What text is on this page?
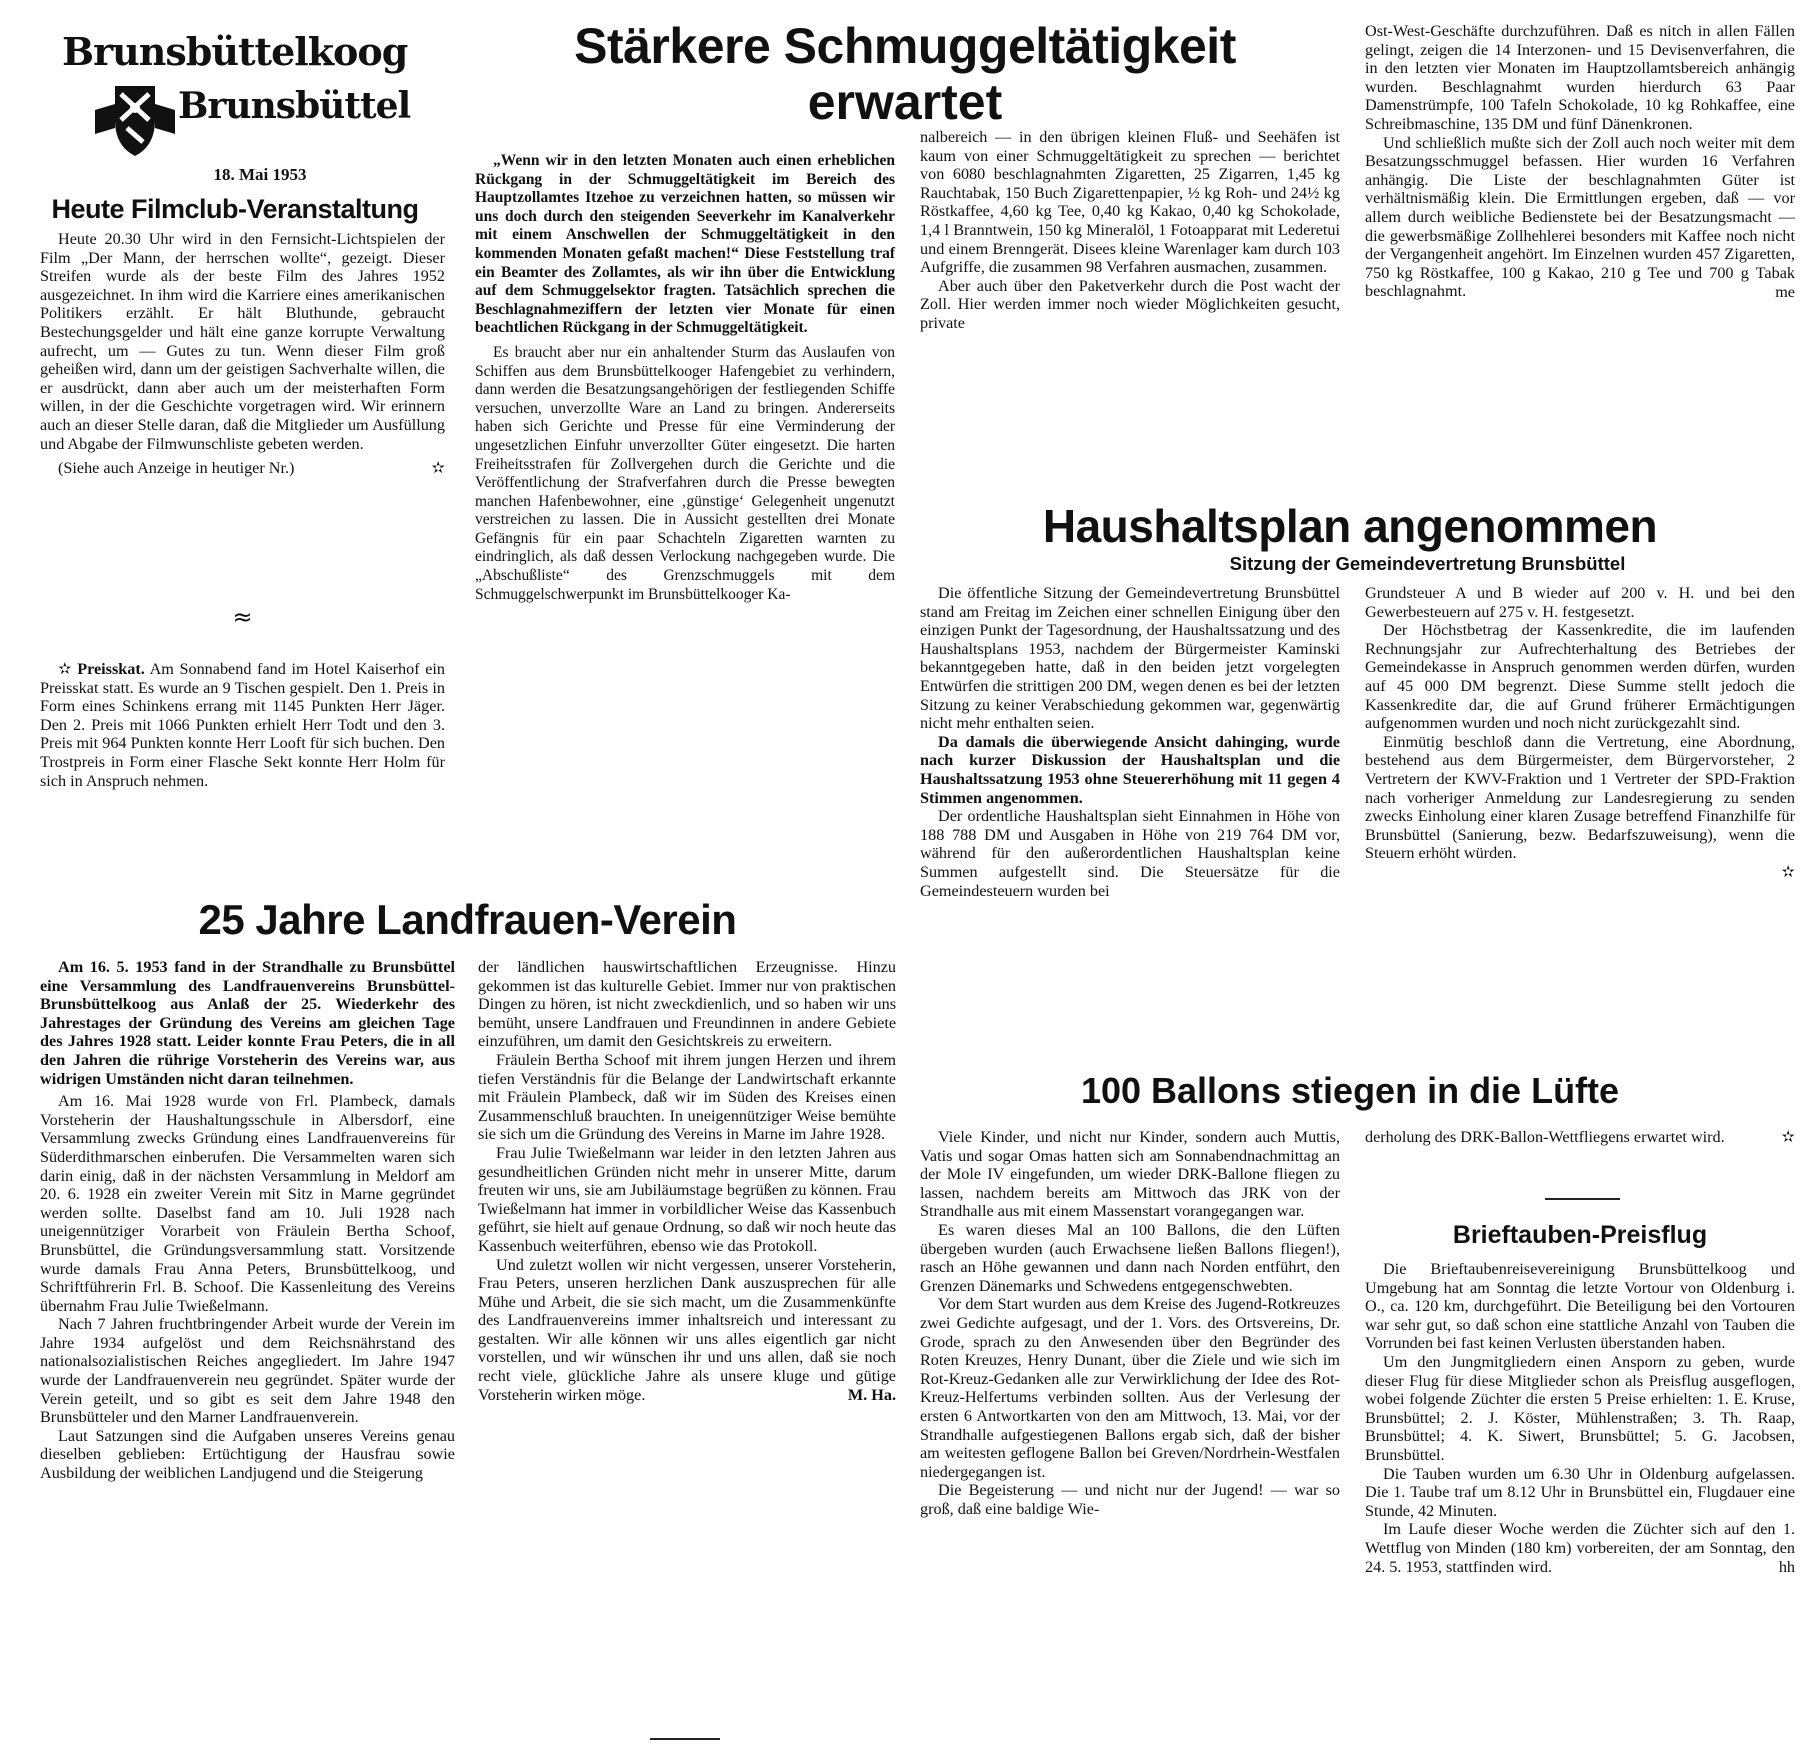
Brunsbüttelkoog
Brunsbüttel
18. Mai 1953
Heute Filmclub-Veranstaltung

Heute 20.30 Uhr wird in den Fernsicht-Lichtspielen der Film „Der Mann, der herrschen wollte“, gezeigt. Dieser Streifen wurde als der beste Film des Jahres 1952 ausgezeichnet. In ihm wird die Karriere eines amerikanischen Politikers erzählt. Er hält Bluthunde, gebraucht Bestechungsgelder und hält eine ganze korrupte Verwaltung aufrecht, um — Gutes zu tun. Wenn dieser Film groß geheißen wird, dann um der geistigen Sachverhalte willen, die er ausdrückt, dann aber auch um der meisterhaften Form willen, in der die Geschichte vorgetragen wird. Wir erinnern auch an dieser Stelle daran, daß die Mitglieder um Ausfüllung und Abgabe der Filmwunschliste gebeten werden.

(Siehe auch Anzeige in heutiger Nr.)	✫

≈

✫ Preisskat. Am Sonnabend fand im Hotel Kaiserhof ein Preisskat statt. Es wurde an 9 Tischen gespielt. Den 1. Preis in Form eines Schinkens errang mit 1145 Punkten Herr Jäger. Den 2. Preis mit 1066 Punkten erhielt Herr Todt und den 3. Preis mit 964 Punkten konnte Herr Looft für sich buchen. Den Trostpreis in Form einer Flasche Sekt konnte Herr Holm für sich in Anspruch nehmen.

Stärkere Schmuggeltätigkeit
erwartet

„Wenn wir in den letzten Monaten auch einen erheblichen Rückgang in der Schmuggeltätigkeit im Bereich des Hauptzollamtes Itzehoe zu verzeichnen hatten, so müssen wir uns doch durch den steigenden Seeverkehr im Kanalverkehr mit einem Anschwellen der Schmuggeltätigkeit in den kommenden Monaten gefaßt machen!“ Diese Feststellung traf ein Beamter des Zollamtes, als wir ihn über die Entwicklung auf dem Schmuggelsektor fragten. Tatsächlich sprechen die Beschlagnahmeziffern der letzten vier Monate für einen beachtlichen Rückgang in der Schmuggeltätigkeit.

Es braucht aber nur ein anhaltender Sturm das Auslaufen von Schiffen aus dem Brunsbüttelkooger Hafengebiet zu verhindern, dann werden die Besatzungsangehörigen der festliegenden Schiffe versuchen, unverzollte Ware an Land zu bringen. Andererseits haben sich Gerichte und Presse für eine Verminderung der ungesetzlichen Einfuhr unverzollter Güter eingesetzt. Die harten Freiheitsstrafen für Zollvergehen durch die Gerichte und die Veröffentlichung der Strafverfahren durch die Presse bewegten manchen Hafenbewohner, eine ‚günstige‘ Gelegenheit ungenutzt verstreichen zu lassen. Die in Aussicht gestellten drei Monate Gefängnis für ein paar Schachteln Zigaretten warnten zu eindringlich, als daß dessen Verlockung nachgegeben wurde. Die „Abschußliste“ des Grenzschmuggels mit dem Schmuggelschwerpunkt im Brunsbüttelkooger Ka-

nalbereich — in den übrigen kleinen Fluß- und Seehäfen ist kaum von einer Schmuggeltätigkeit zu sprechen — berichtet von 6080 beschlagnahmten Zigaretten, 25 Zigarren, 1,45 kg Rauchtabak, 150 Buch Zigarettenpapier, ½ kg Roh- und 24½ kg Röstkaffee, 4,60 kg Tee, 0,40 kg Kakao, 0,40 kg Schokolade, 1,4 l Branntwein, 150 kg Mineralöl, 1 Fotoapparat mit Lederetui und einem Brenngerät. Disees kleine Warenlager kam durch 103 Aufgriffe, die zusammen 98 Verfahren ausmachen, zusammen.

Aber auch über den Paketverkehr durch die Post wacht der Zoll. Hier werden immer noch wieder Möglichkeiten gesucht, private

Ost-West-Geschäfte durchzuführen. Daß es nitch in allen Fällen gelingt, zeigen die 14 Interzonen- und 15 Devisenverfahren, die in den letzten vier Monaten im Hauptzollamtsbereich anhängig wurden. Beschlagnahmt wurden hierdurch 63 Paar Damenstrümpfe, 100 Tafeln Schokolade, 10 kg Rohkaffee, eine Schreibmaschine, 135 DM und fünf Dänenkronen.

Und schließlich mußte sich der Zoll auch noch weiter mit dem Besatzungsschmuggel befassen. Hier wurden 16 Verfahren anhängig. Die Liste der beschlagnahmten Güter ist verhältnismäßig klein. Die Ermittlungen ergeben, daß — vor allem durch weibliche Bedienstete bei der Besatzungsmacht — die gewerbsmäßige Zollhehlerei besonders mit Kaffee noch nicht der Vergangenheit angehört. Im Einzelnen wurden 457 Zigaretten, 750 kg Röstkaffee, 100 g Kakao, 210 g Tee und 700 g Tabak beschlagnahmt.	me

Haushaltsplan angenommen
Sitzung der Gemeindevertretung Brunsbüttel

Die öffentliche Sitzung der Gemeindevertretung Brunsbüttel stand am Freitag im Zeichen einer schnellen Einigung über den einzigen Punkt der Tagesordnung, der Haushaltssatzung und des Haushaltsplans 1953, nachdem der Bürgermeister Kaminski bekanntgegeben hatte, daß in den beiden jetzt vorgelegten Entwürfen die strittigen 200 DM, wegen denen es bei der letzten Sitzung zu keiner Verabschiedung gekommen war, gegenwärtig nicht mehr enthalten seien.

Da damals die überwiegende Ansicht dahinging, wurde nach kurzer Diskussion der Haushaltsplan und die Haushaltssatzung 1953 ohne Steuererhöhung mit 11 gegen 4 Stimmen angenommen.

Der ordentliche Haushaltsplan sieht Einnahmen in Höhe von 188 788 DM und Ausgaben in Höhe von 219 764 DM vor, während für den außerordentlichen Haushaltsplan keine Summen aufgestellt sind. Die Steuersätze für die Gemeindesteuern wurden bei

Grundsteuer A und B wieder auf 200 v. H. und bei den Gewerbesteuern auf 275 v. H. festgesetzt.

Der Höchstbetrag der Kassenkredite, die im laufenden Rechnungsjahr zur Aufrechterhaltung des Betriebes der Gemeindekasse in Anspruch genommen werden dürfen, wurden auf 45 000 DM begrenzt. Diese Summe stellt jedoch die Kassenkredite dar, die auf Grund früherer Ermächtigungen aufgenommen wurden und noch nicht zurückgezahlt sind.

Einmütig beschloß dann die Vertretung, eine Abordnung, bestehend aus dem Bürgermeister, dem Bürgervorsteher, 2 Vertretern der KWV-Fraktion und 1 Vertreter der SPD-Fraktion nach vorheriger Anmeldung zur Landesregierung zu senden zwecks Einholung einer klaren Zusage betreffend Finanzhilfe für Brunsbüttel (Sanierung, bezw. Bedarfszuweisung), wenn die Steuern erhöht würden.

✫

25 Jahre Landfrauen-Verein

Am 16. 5. 1953 fand in der Strandhalle zu Brunsbüttel eine Versammlung des Landfrauenvereins Brunsbüttel-Brunsbüttelkoog aus Anlaß der 25. Wiederkehr des Jahrestages der Gründung des Vereins am gleichen Tage des Jahres 1928 statt. Leider konnte Frau Peters, die in all den Jahren die rührige Vorsteherin des Vereins war, aus widrigen Umständen nicht daran teilnehmen.

Am 16. Mai 1928 wurde von Frl. Plambeck, damals Vorsteherin der Haushaltungsschule in Albersdorf, eine Versammlung zwecks Gründung eines Landfrauenvereins für Süderdithmarschen einberufen. Die Versammelten waren sich darin einig, daß in der nächsten Versammlung in Meldorf am 20. 6. 1928 ein zweiter Verein mit Sitz in Marne gegründet werden sollte. Daselbst fand am 10. Juli 1928 nach uneigennütziger Vorarbeit von Fräulein Bertha Schoof, Brunsbüttel, die Gründungsversammlung statt. Vorsitzende wurde damals Frau Anna Peters, Brunsbüttelkoog, und Schriftführerin Frl. B. Schoof. Die Kassenleitung des Vereins übernahm Frau Julie Twießelmann.

Nach 7 Jahren fruchtbringender Arbeit wurde der Verein im Jahre 1934 aufgelöst und dem Reichsnährstand des nationalsozialistischen Reiches angegliedert. Im Jahre 1947 wurde der Landfrauenverein neu gegründet. Später wurde der Verein geteilt, und so gibt es seit dem Jahre 1948 den Brunsbütteler und den Marner Landfrauenverein.

Laut Satzungen sind die Aufgaben unseres Vereins genau dieselben geblieben: Ertüchtigung der Hausfrau sowie Ausbildung der weiblichen Landjugend und die Steigerung

der ländlichen hauswirtschaftlichen Erzeugnisse. Hinzu gekommen ist das kulturelle Gebiet. Immer nur von praktischen Dingen zu hören, ist nicht zweckdienlich, und so haben wir uns bemüht, unsere Landfrauen und Freundinnen in andere Gebiete einzuführen, um damit den Gesichtskreis zu erweitern.

Fräulein Bertha Schoof mit ihrem jungen Herzen und ihrem tiefen Verständnis für die Belange der Landwirtschaft erkannte mit Fräulein Plambeck, daß wir im Süden des Kreises einen Zusammenschluß brauchten. In uneigennütziger Weise bemühte sie sich um die Gründung des Vereins in Marne im Jahre 1928.

Frau Julie Twießelmann war leider in den letzten Jahren aus gesundheitlichen Gründen nicht mehr in unserer Mitte, darum freuten wir uns, sie am Jubiläumstage begrüßen zu können. Frau Twießelmann hat immer in vorbildlicher Weise das Kassenbuch geführt, sie hielt auf genaue Ordnung, so daß wir noch heute das Kassenbuch weiterführen, ebenso wie das Protokoll.

Und zuletzt wollen wir nicht vergessen, unserer Vorsteherin, Frau Peters, unseren herzlichen Dank auszusprechen für alle Mühe und Arbeit, die sie sich macht, um die Zusammenkünfte des Landfrauenvereins immer inhaltsreich und interessant zu gestalten. Wir alle können wir uns alles eigentlich gar nicht vorstellen, und wir wünschen ihr und uns allen, daß sie noch recht viele, glückliche Jahre als unsere kluge und gütige Vorsteherin wirken möge.	M. Ha.

100 Ballons stiegen in die Lüfte

Viele Kinder, und nicht nur Kinder, sondern auch Muttis, Vatis und sogar Omas hatten sich am Sonnabendnachmittag an der Mole IV eingefunden, um wieder DRK-Ballone fliegen zu lassen, nachdem bereits am Mittwoch das JRK von der Strandhalle aus mit einem Massenstart vorangegangen war.

Es waren dieses Mal an 100 Ballons, die den Lüften übergeben wurden (auch Erwachsene ließen Ballons fliegen!), rasch an Höhe gewannen und dann nach Norden entführt, den Grenzen Dänemarks und Schwedens entgegenschwebten.

Vor dem Start wurden aus dem Kreise des Jugend-Rotkreuzes zwei Gedichte aufgesagt, und der 1. Vors. des Ortsvereins, Dr. Grode, sprach zu den Anwesenden über den Begründer des Roten Kreuzes, Henry Dunant, über die Ziele und wie sich im Rot-Kreuz-Gedanken alle zur Verwirklichung der Idee des Rot-Kreuz-Helfertums verbinden sollten. Aus der Verlesung der ersten 6 Antwortkarten von den am Mittwoch, 13. Mai, vor der Strandhalle aufgestiegenen Ballons ergab sich, daß der bisher am weitesten geflogene Ballon bei Greven/Nordrhein-Westfalen niedergegangen ist.

Die Begeisterung — und nicht nur der Jugend! — war so groß, daß eine baldige Wie-

derholung des DRK-Ballon-Wettfliegens erwartet wird.	✫

Brieftauben-Preisflug

Die Brieftaubenreisevereinigung Brunsbüttelkoog und Umgebung hat am Sonntag die letzte Vortour von Oldenburg i. O., ca. 120 km, durchgeführt. Die Beteiligung bei den Vortouren war sehr gut, so daß schon eine stattliche Anzahl von Tauben die Vorrunden bei fast keinen Verlusten überstanden haben.

Um den Jungmitgliedern einen Ansporn zu geben, wurde dieser Flug für diese Mitglieder schon als Preisflug ausgeflogen, wobei folgende Züchter die ersten 5 Preise erhielten: 1. E. Kruse, Brunsbüttel; 2. J. Köster, Mühlenstraßen; 3. Th. Raap, Brunsbüttel; 4. K. Siwert, Brunsbüttel; 5. G. Jacobsen, Brunsbüttel.

Die Tauben wurden um 6.30 Uhr in Oldenburg aufgelassen. Die 1. Taube traf um 8.12 Uhr in Brunsbüttel ein, Flugdauer eine Stunde, 42 Minuten.

Im Laufe dieser Woche werden die Züchter sich auf den 1. Wettflug von Minden (180 km) vorbereiten, der am Sonntag, den 24. 5. 1953, stattfinden wird.	hh
